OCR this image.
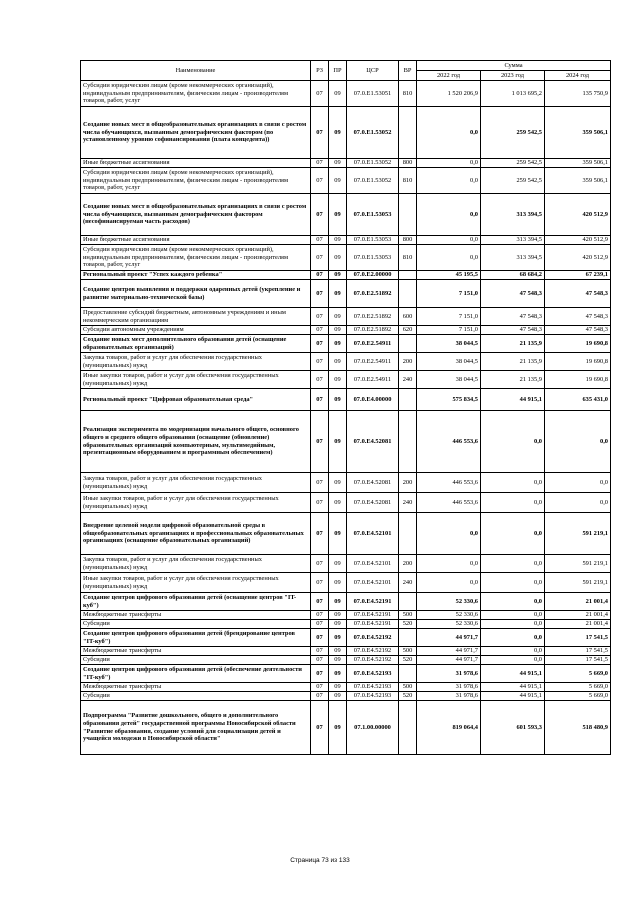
Наименование	РЗ	ПР	ЦСР	ВР	Сумма		
					2022 год	2023 год	2024 год
Субсидии юридическим лицам (кроме некоммерческих организаций), индивидуальным предпринимателям, физическим лицам - производителям товаров, работ, услуг	07	09	07.0.E1.53051	810	1 520 206,9	1 013 695,2	135 750,9
Создание новых мест в общеобразовательных организациях в связи с ростом числа обучающихся, вызванным демографическим фактором (по установленному уровню софинансирования (плата концедента))	07	09	07.0.E1.53052		0,0	259 542,5	359 506,1
Иные бюджетные ассигнования	07	09	07.0.E1.53052	800	0,0	259 542,5	359 506,1
Субсидии юридическим лицам (кроме некоммерческих организаций), индивидуальным предпринимателям, физическим лицам - производителям товаров, работ, услуг	07	09	07.0.E1.53052	810	0,0	259 542,5	359 506,1
Создание новых мест в общеобразовательных организациях в связи с ростом числа обучающихся, вызванным демографическим фактором (несофинансируемая часть расходов)	07	09	07.0.E1.53053		0,0	313 394,5	420 512,9
Иные бюджетные ассигнования	07	09	07.0.E1.53053	800	0,0	313 394,5	420 512,9
Субсидии юридическим лицам (кроме некоммерческих организаций), индивидуальным предпринимателям, физическим лицам - производителям товаров, работ, услуг	07	09	07.0.E1.53053	810	0,0	313 394,5	420 512,9
Региональный проект "Успех каждого ребенка"	07	09	07.0.E2.00000		45 195,5	68 684,2	67 239,1
Создание центров выявления и поддержки одаренных детей (укрепление и развитие материально-технической базы)	07	09	07.0.E2.51892		7 151,0	47 548,3	47 548,3
Предоставление субсидий бюджетным, автономным учреждениям и иным некоммерческим организациям	07	09	07.0.E2.51892	600	7 151,0	47 548,3	47 548,3
Субсидии автономным учреждениям	07	09	07.0.E2.51892	620	7 151,0	47 548,3	47 548,3
Создание новых мест дополнительного образования детей (оснащение образовательных организаций)	07	09	07.0.E2.54911		38 044,5	21 135,9	19 690,8
Закупка товаров, работ и услуг для обеспечения государственных (муниципальных) нужд	07	09	07.0.E2.54911	200	38 044,5	21 135,9	19 690,8
Иные закупки товаров, работ и услуг для обеспечения государственных (муниципальных) нужд	07	09	07.0.E2.54911	240	38 044,5	21 135,9	19 690,8
Региональный проект "Цифровая образовательная среда"	07	09	07.0.E4.00000		575 834,5	44 915,1	635 431,0
Реализация эксперимента по модернизации начального общего, основного общего и среднего общего образования (оснащение (обновление) образовательных организаций компьютерным, мультимедийным, презентационным оборудованием и программным обеспечением)	07	09	07.0.E4.52081		446 553,6	0,0	0,0
Закупка товаров, работ и услуг для обеспечения государственных (муниципальных) нужд	07	09	07.0.E4.52081	200	446 553,6	0,0	0,0
Иные закупки товаров, работ и услуг для обеспечения государственных (муниципальных) нужд	07	09	07.0.E4.52081	240	446 553,6	0,0	0,0
Внедрение целевой модели цифровой образовательной среды в общеобразовательных организациях и профессиональных образовательных организациях (оснащение образовательных организаций)	07	09	07.0.E4.52101		0,0	0,0	591 219,1
Закупка товаров, работ и услуг для обеспечения государственных (муниципальных) нужд	07	09	07.0.E4.52101	200	0,0	0,0	591 219,1
Иные закупки товаров, работ и услуг для обеспечения государственных (муниципальных) нужд	07	09	07.0.E4.52101	240	0,0	0,0	591 219,1
Создание центров цифрового образования детей (оснащение центров "IT-куб")	07	09	07.0.E4.52191		52 330,6	0,0	21 001,4
Межбюджетные трансферты	07	09	07.0.E4.52191	500	52 330,6	0,0	21 001,4
Субсидии	07	09	07.0.E4.52191	520	52 330,6	0,0	21 001,4
Создание центров цифрового образования детей (брендирование центров "IT-куб")	07	09	07.0.E4.52192		44 971,7	0,0	17 541,5
Межбюджетные трансферты	07	09	07.0.E4.52192	500	44 971,7	0,0	17 541,5
Субсидии	07	09	07.0.E4.52192	520	44 971,7	0,0	17 541,5
Создание центров цифрового образования детей (обеспечение деятельности "IT-куб")	07	09	07.0.E4.52193		31 978,6	44 915,1	5 669,0
Межбюджетные трансферты	07	09	07.0.E4.52193	500	31 978,6	44 915,1	5 669,0
Субсидии	07	09	07.0.E4.52193	520	31 978,6	44 915,1	5 669,0
Подпрограмма "Развитие дошкольного, общего и дополнительного образования детей" государственной программы Новосибирской области "Развитие образования, создание условий для социализации детей и учащейся молодежи в Новосибирской области"	07	09	07.1.00.00000		819 064,4	601 593,3	518 480,9
Страница 73 из 133
